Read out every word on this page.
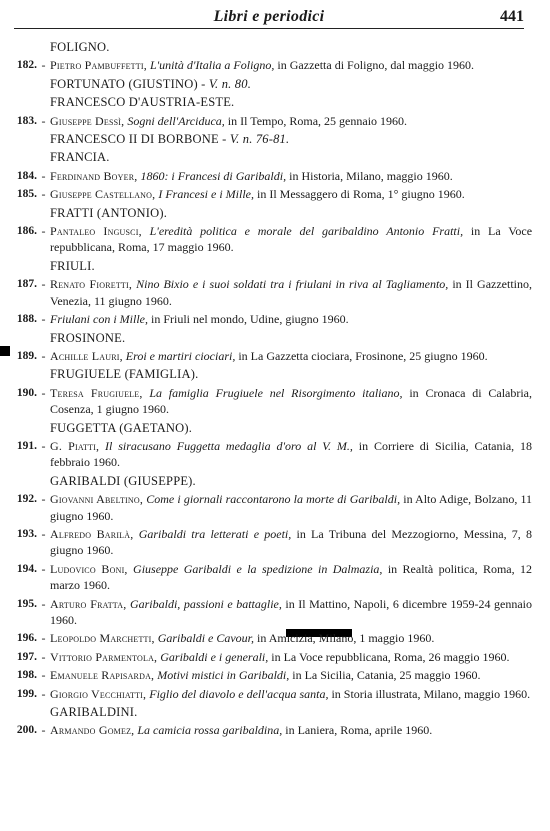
Libri e periodici	441
FOLIGNO.
182. - Pietro Pambuffetti, L'unità d'Italia a Foligno, in Gazzetta di Foligno, dal maggio 1960.
FORTUNATO (GIUSTINO) - V. n. 80.
FRANCESCO D'AUSTRIA-ESTE.
183. - Giuseppe Dessì, Sogni dell'Arciduca, in Il Tempo, Roma, 25 gennaio 1960.
FRANCESCO II DI BORBONE - V. n. 76-81.
FRANCIA.
184. - Ferdinand Boyer, 1860: i Francesi di Garibaldi, in Historia, Milano, maggio 1960.
185. - Giuseppe Castellano, I Francesi e i Mille, in Il Messaggero di Roma, 1° giugno 1960.
FRATTI (ANTONIO).
186. - Pantaleo Ingusci, L'eredità politica e morale del garibaldino Antonio Fratti, in La Voce repubblicana, Roma, 17 maggio 1960.
FRIULI.
187. - Renato Fioretti, Nino Bixio e i suoi soldati tra i friulani in riva al Tagliamento, in Il Gazzettino, Venezia, 11 giugno 1960.
188. - Friulani con i Mille, in Friuli nel mondo, Udine, giugno 1960.
FROSINONE.
189. - Achille Lauri, Eroi e martiri ciociari, in La Gazzetta ciociara, Frosinone, 25 giugno 1960.
FRUGIUELE (FAMIGLIA).
190. - Teresa Frugiuele, La famiglia Frugiuele nel Risorgimento italiano, in Cronaca di Calabria, Cosenza, 1 giugno 1960.
FUGGETTA (GAETANO).
191. - G. Piatti, Il siracusano Fuggetta medaglia d'oro al V. M., in Corriere di Sicilia, Catania, 18 febbraio 1960.
GARIBALDI (GIUSEPPE).
192. - Giovanni Abeltino, Come i giornali raccontarono la morte di Garibaldi, in Alto Adige, Bolzano, 11 giugno 1960.
193. - Alfredo Barilà, Garibaldi tra letterati e poeti, in La Tribuna del Mezzogiorno, Messina, 7, 8 giugno 1960.
194. - Ludovico Boni, Giuseppe Garibaldi e la spedizione in Dalmazia, in Realtà politica, Roma, 12 marzo 1960.
195. - Arturo Fratta, Garibaldi, passioni e battaglie, in Il Mattino, Napoli, 6 dicembre 1959-24 gennaio 1960.
196. - Leopoldo Marchetti, Garibaldi e Cavour, in Amicizia, Milano, 1 maggio 1960.
197. - Vittorio Parmentola, Garibaldi e i generali, in La Voce repubblicana, Roma, 26 maggio 1960.
198. - Emanuele Rapisarda, Motivi mistici in Garibaldi, in La Sicilia, Catania, 25 maggio 1960.
199. - Giorgio Vecchiatti, Figlio del diavolo e dell'acqua santa, in Storia illustrata, Milano, maggio 1960.
GARIBALDINI.
200. - Armando Gomez, La camicia rossa garibaldina, in Laniera, Roma, aprile 1960.
